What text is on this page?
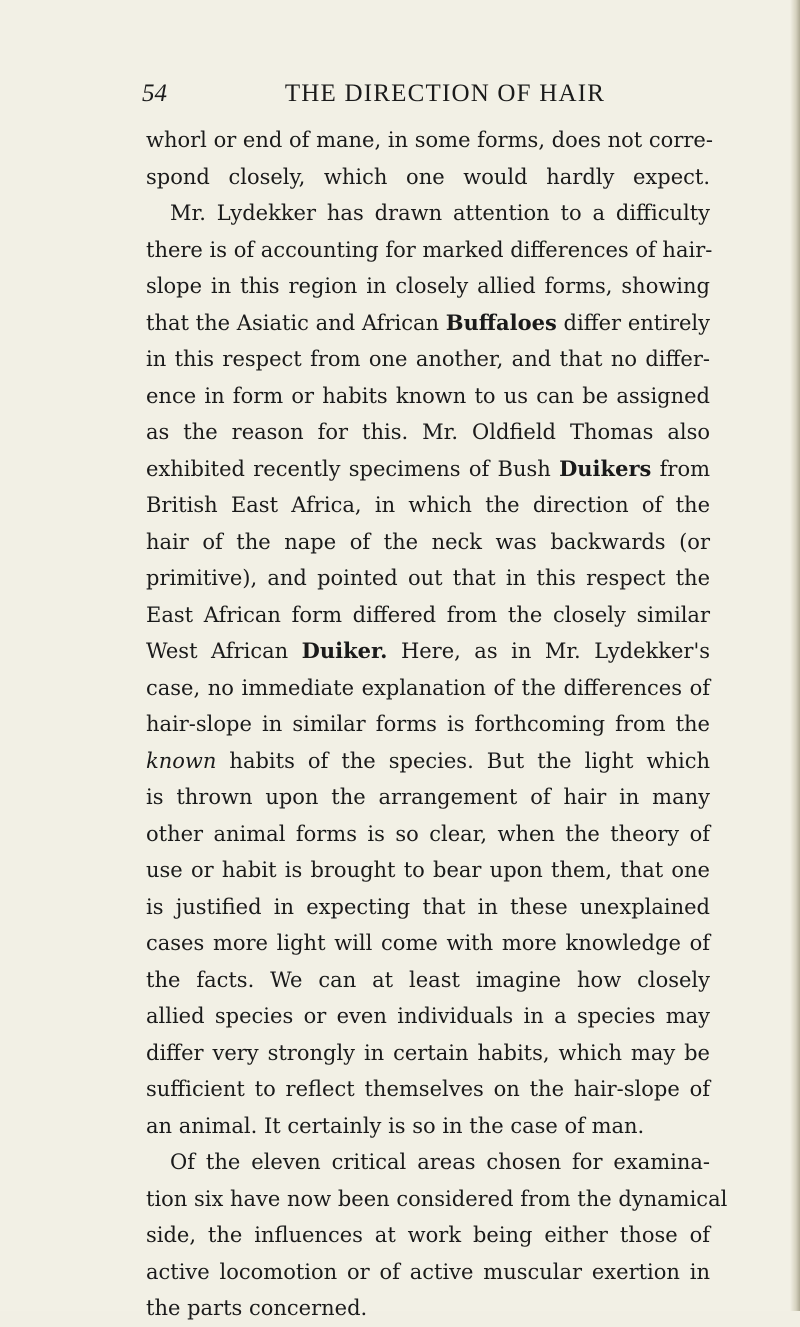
54	THE DIRECTION OF HAIR
whorl or end of mane, in some forms, does not corre-
spond closely, which one would hardly expect.
Mr. Lydekker has drawn attention to a difficulty
there is of accounting for marked differences of hair-
slope in this region in closely allied forms, showing
that the Asiatic and African Buffaloes differ entirely
in this respect from one another, and that no differ-
ence in form or habits known to us can be assigned
as the reason for this. Mr. Oldfield Thomas also
exhibited recently specimens of Bush Duikers from
British East Africa, in which the direction of the
hair of the nape of the neck was backwards (or
primitive), and pointed out that in this respect the
East African form differed from the closely similar
West African Duiker. Here, as in Mr. Lydekker's
case, no immediate explanation of the differences of
hair-slope in similar forms is forthcoming from the
known habits of the species. But the light which
is thrown upon the arrangement of hair in many
other animal forms is so clear, when the theory of
use or habit is brought to bear upon them, that one
is justified in expecting that in these unexplained
cases more light will come with more knowledge of
the facts. We can at least imagine how closely
allied species or even individuals in a species may
differ very strongly in certain habits, which may be
sufficient to reflect themselves on the hair-slope of
an animal. It certainly is so in the case of man.
Of the eleven critical areas chosen for examina-
tion six have now been considered from the dynamical
side, the influences at work being either those of
active locomotion or of active muscular exertion in
the parts concerned.
